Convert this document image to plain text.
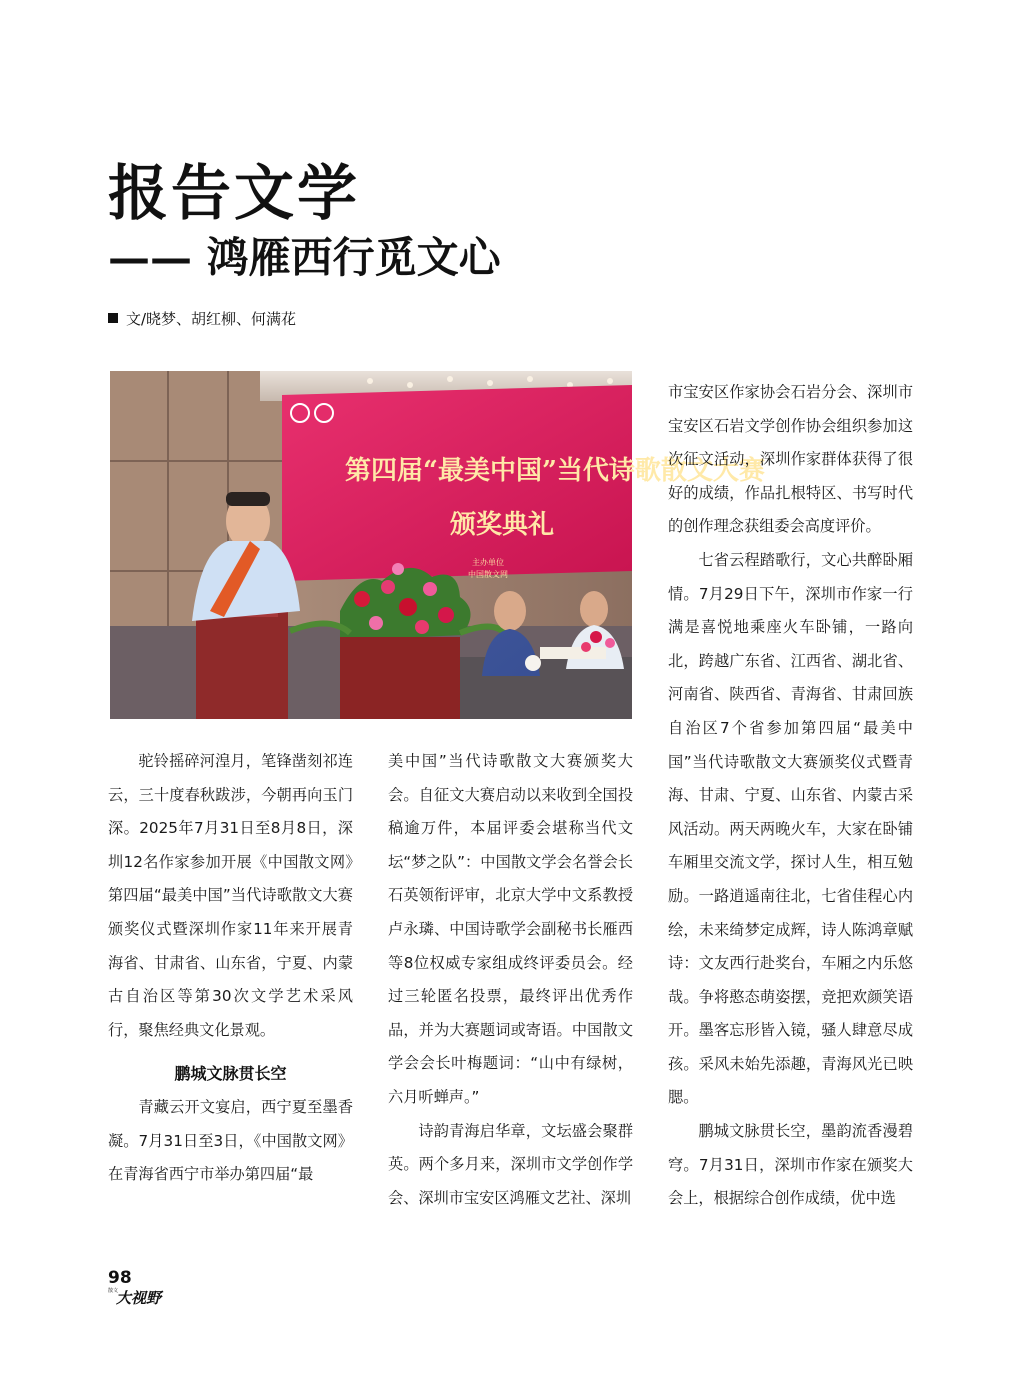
报告文学
—— 鸿雁西行觅文心
文/晓梦、胡红柳、何满花
第四届“最美中国”当代诗歌散文大赛
颁奖典礼
主办单位
中国散文网

驼铃摇碎河湟月，笔锋凿刻祁连云，三十度春秋跋涉，今朝再向玉门深。2025年7月31日至8月8日，深圳12名作家参加开展《中国散文网》第四届“最美中国”当代诗歌散文大赛颁奖仪式暨深圳作家11年来开展青海省、甘肃省、山东省，宁夏、内蒙古自治区等第30次文学艺术采风行，聚焦经典文化景观。

鹏城文脉贯长空

青藏云开文宴启，西宁夏至墨香凝。7月31日至3日，《中国散文网》在青海省西宁市举办第四届“最

美中国”当代诗歌散文大赛颁奖大会。自征文大赛启动以来收到全国投稿逾万件，本届评委会堪称当代文坛“梦之队”：中国散文学会名誉会长石英领衔评审，北京大学中文系教授卢永璘、中国诗歌学会副秘书长雁西等8位权威专家组成终评委员会。经过三轮匿名投票，最终评出优秀作品，并为大赛题词或寄语。中国散文学会会长叶梅题词：“山中有绿树，六月听蝉声。”

诗韵青海启华章，文坛盛会聚群英。两个多月来，深圳市文学创作学会、深圳市宝安区鸿雁文艺社、深圳

市宝安区作家协会石岩分会、深圳市宝安区石岩文学创作协会组织参加这次征文活动，深圳作家群体获得了很好的成绩，作品扎根特区、书写时代的创作理念获组委会高度评价。

七省云程踏歌行，文心共醉卧厢情。7月29日下午，深圳市作家一行满是喜悦地乘座火车卧铺，一路向北，跨越广东省、江西省、湖北省、河南省、陕西省、青海省、甘肃回族自治区7个省参加第四届“最美中国”当代诗歌散文大赛颁奖仪式暨青海、甘肃、宁夏、山东省、内蒙古采风活动。两天两晚火车，大家在卧铺车厢里交流文学，探讨人生，相互勉励。一路逍遥南往北，七省佳程心内绘，未来绮梦定成辉，诗人陈鸿章赋诗：文友西行赴奖台，车厢之内乐悠哉。争将憨态萌姿摆，竞把欢颜笑语开。墨客忘形皆入镜，骚人肆意尽成孩。采风未始先添趣，青海风光已映腮。

鹏城文脉贯长空，墨韵流香漫碧穹。7月31日，深圳市作家在颁奖大会上，根据综合创作成绩，优中选

98
散文大视野
